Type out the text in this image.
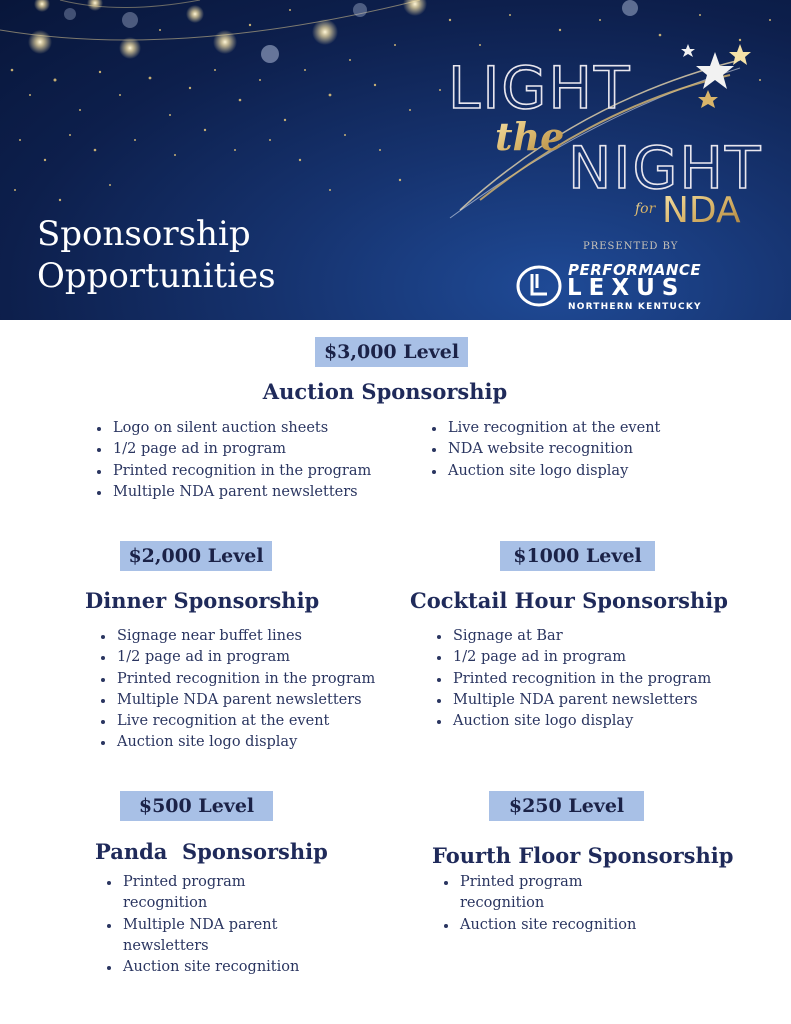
Sponsorship
Opportunities
LIGHT
the NIGHT
for NDA
PRESENTED BY
PERFORMANCE
LEXUS
NORTHERN KENTUCKY
$3,000 Level
Auction Sponsorship
• Logo on silent auction sheets
• 1/2 page ad in program
• Printed recognition in the program
• Multiple NDA parent newsletters
• Live recognition at the event
• NDA website recognition
• Auction site logo display
$2,000 Level
Dinner Sponsorship
• Signage near buffet lines
• 1/2 page ad in program
• Printed recognition in the program
• Multiple NDA parent newsletters
• Live recognition at the event
• Auction site logo display
$1000 Level
Cocktail Hour Sponsorship
• Signage at Bar
• 1/2 page ad in program
• Printed recognition in the program
• Multiple NDA parent newsletters
• Auction site logo display
$500 Level
Panda  Sponsorship
• Printed program recognition
• Multiple NDA parent newsletters
• Auction site recognition
$250 Level
Fourth Floor Sponsorship
• Printed program recognition
• Auction site recognition
